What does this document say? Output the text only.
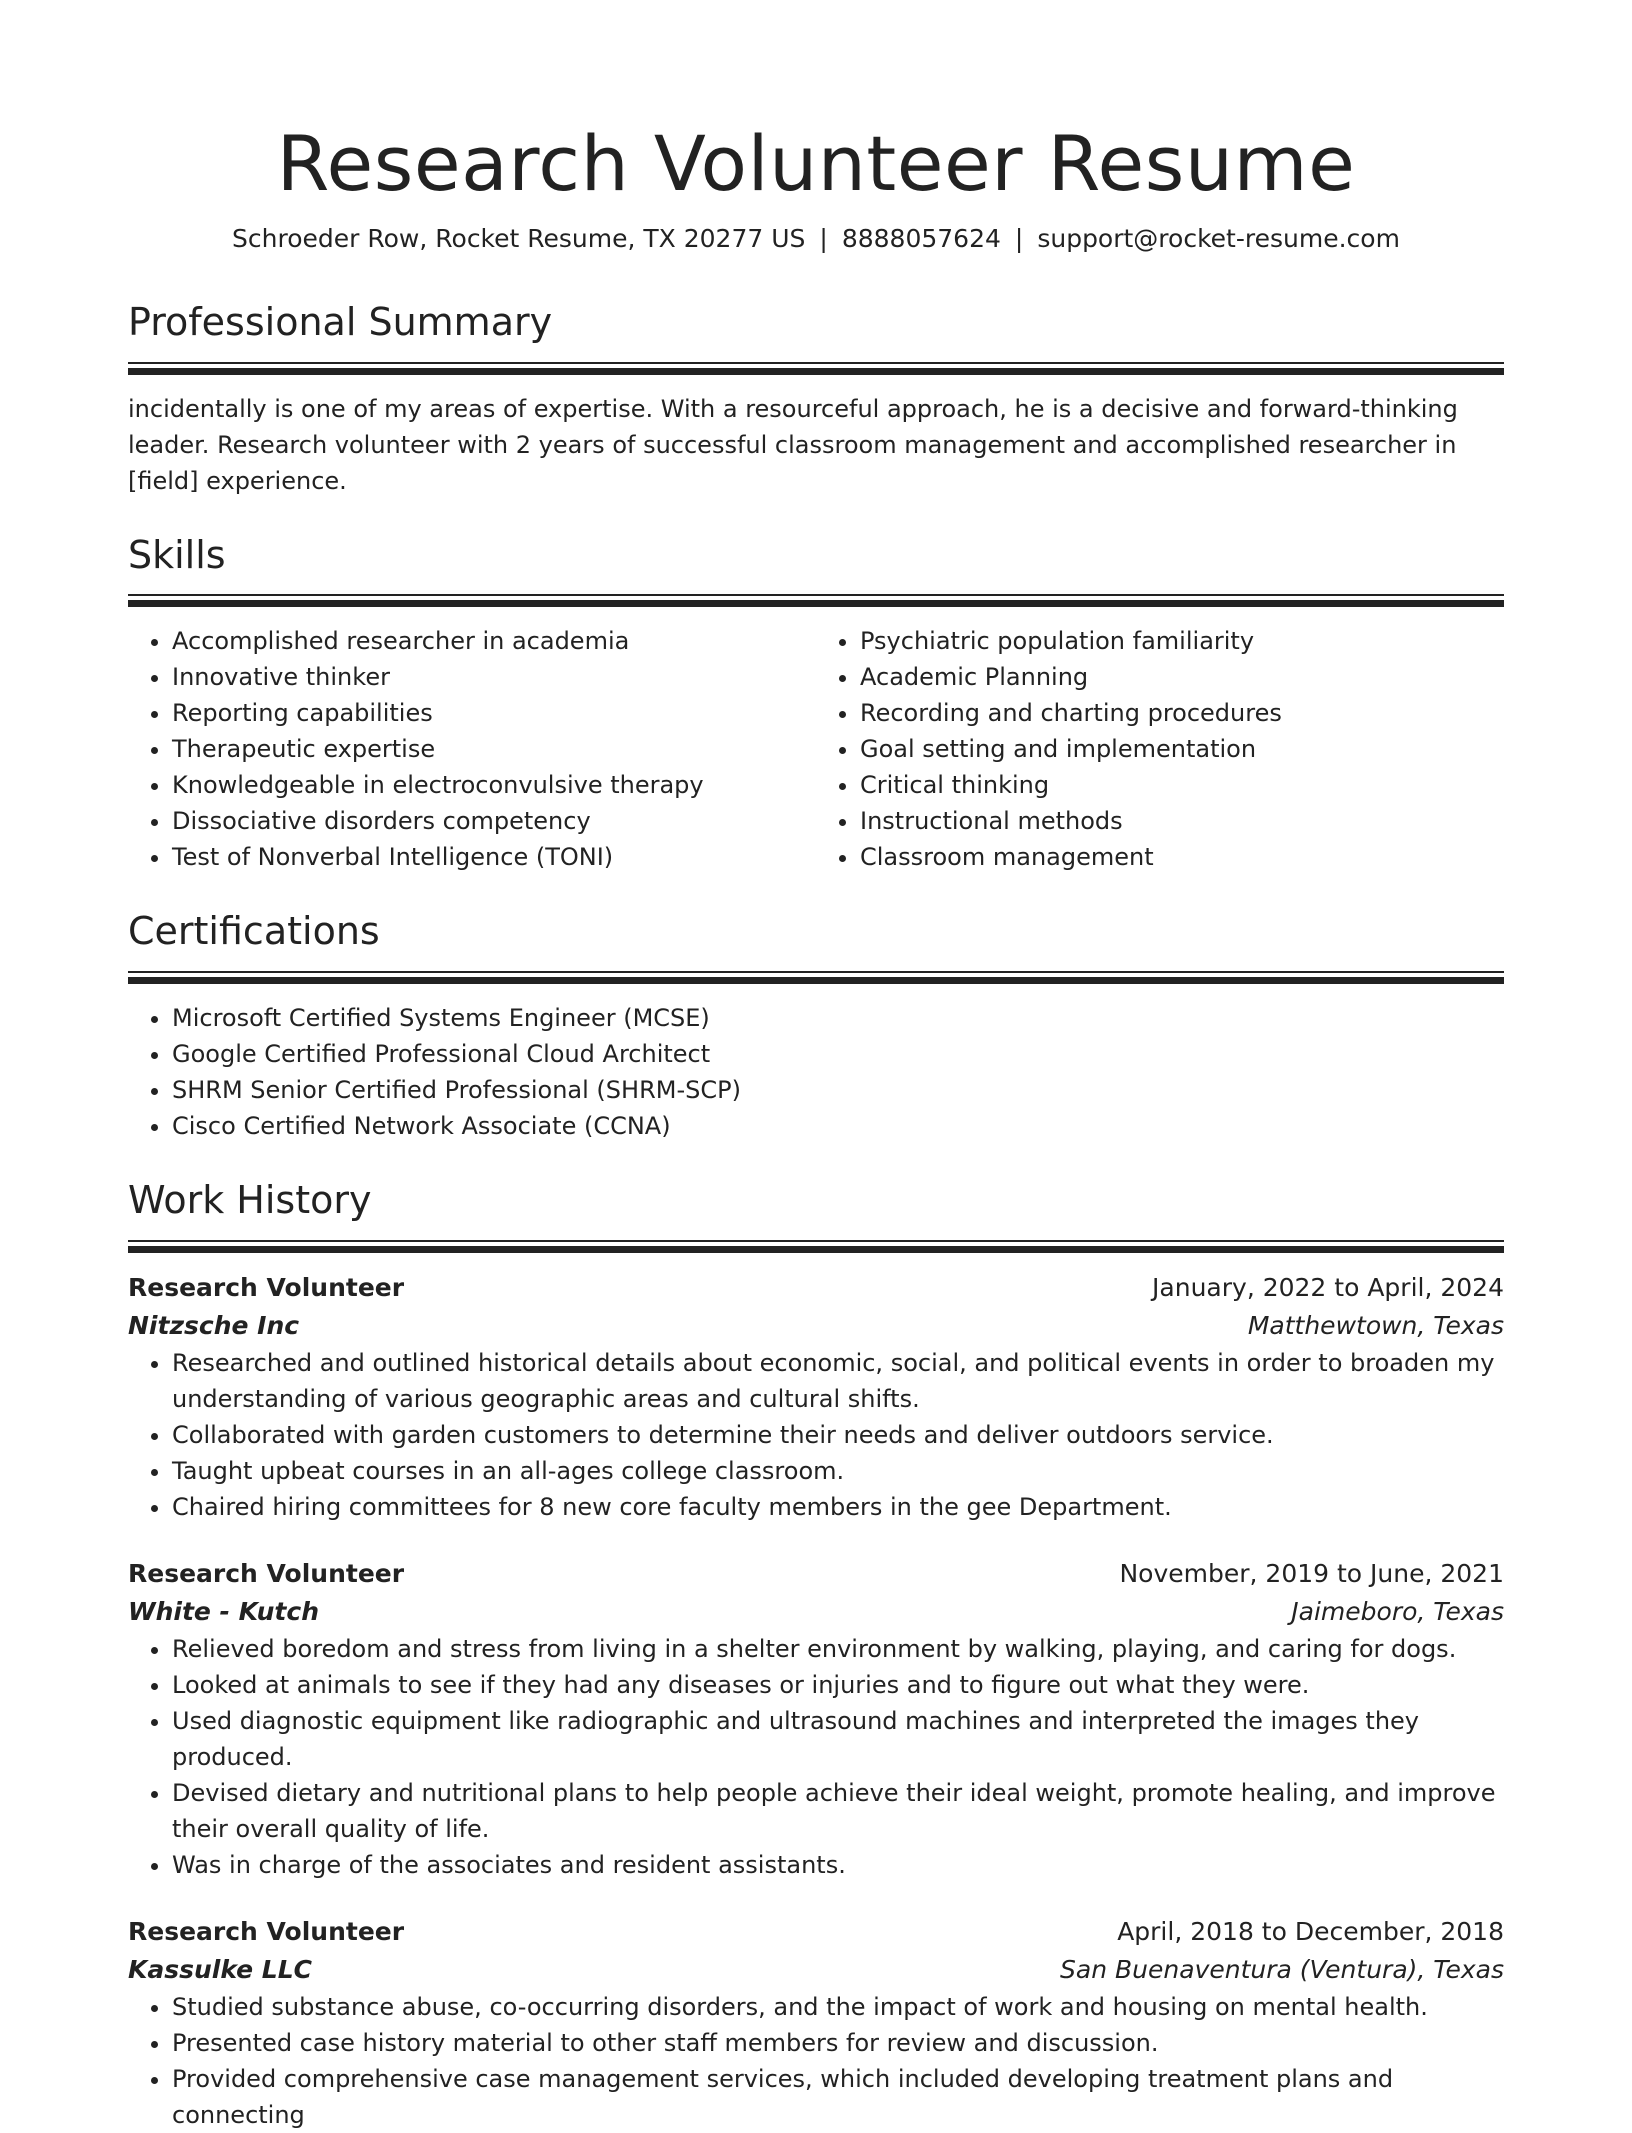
Research Volunteer Resume
Schroeder Row, Rocket Resume, TX 20277 US | 8888057624 | support@rocket-resume.com
Professional Summary

incidentally is one of my areas of expertise. With a resourceful approach, he is a decisive and forward-thinking leader. Research volunteer with 2 years of successful classroom management and accomplished researcher in [field] experience.

Skills
• Accomplished researcher in academia
• Innovative thinker
• Reporting capabilities
• Therapeutic expertise
• Knowledgeable in electroconvulsive therapy
• Dissociative disorders competency
• Test of Nonverbal Intelligence (TONI)
• Psychiatric population familiarity
• Academic Planning
• Recording and charting procedures
• Goal setting and implementation
• Critical thinking
• Instructional methods
• Classroom management
Certifications
• Microsoft Certified Systems Engineer (MCSE)
• Google Certified Professional Cloud Architect
• SHRM Senior Certified Professional (SHRM-SCP)
• Cisco Certified Network Associate (CCNA)
Work History
Research Volunteer	January, 2022 to April, 2024
Nitzsche Inc	Matthewtown, Texas
• Researched and outlined historical details about economic, social, and political events in order to broaden my understanding of various geographic areas and cultural shifts.
• Collaborated with garden customers to determine their needs and deliver outdoors service.
• Taught upbeat courses in an all-ages college classroom.
• Chaired hiring committees for 8 new core faculty members in the gee Department.
Research Volunteer	November, 2019 to June, 2021
White - Kutch	Jaimeboro, Texas
• Relieved boredom and stress from living in a shelter environment by walking, playing, and caring for dogs.
• Looked at animals to see if they had any diseases or injuries and to figure out what they were.
• Used diagnostic equipment like radiographic and ultrasound machines and interpreted the images they produced.
• Devised dietary and nutritional plans to help people achieve their ideal weight, promote healing, and improve their overall quality of life.
• Was in charge of the associates and resident assistants.
Research Volunteer	April, 2018 to December, 2018
Kassulke LLC	San Buenaventura (Ventura), Texas
• Studied substance abuse, co-occurring disorders, and the impact of work and housing on mental health.
• Presented case history material to other staff members for review and discussion.
• Provided comprehensive case management services, which included developing treatment plans and connecting
